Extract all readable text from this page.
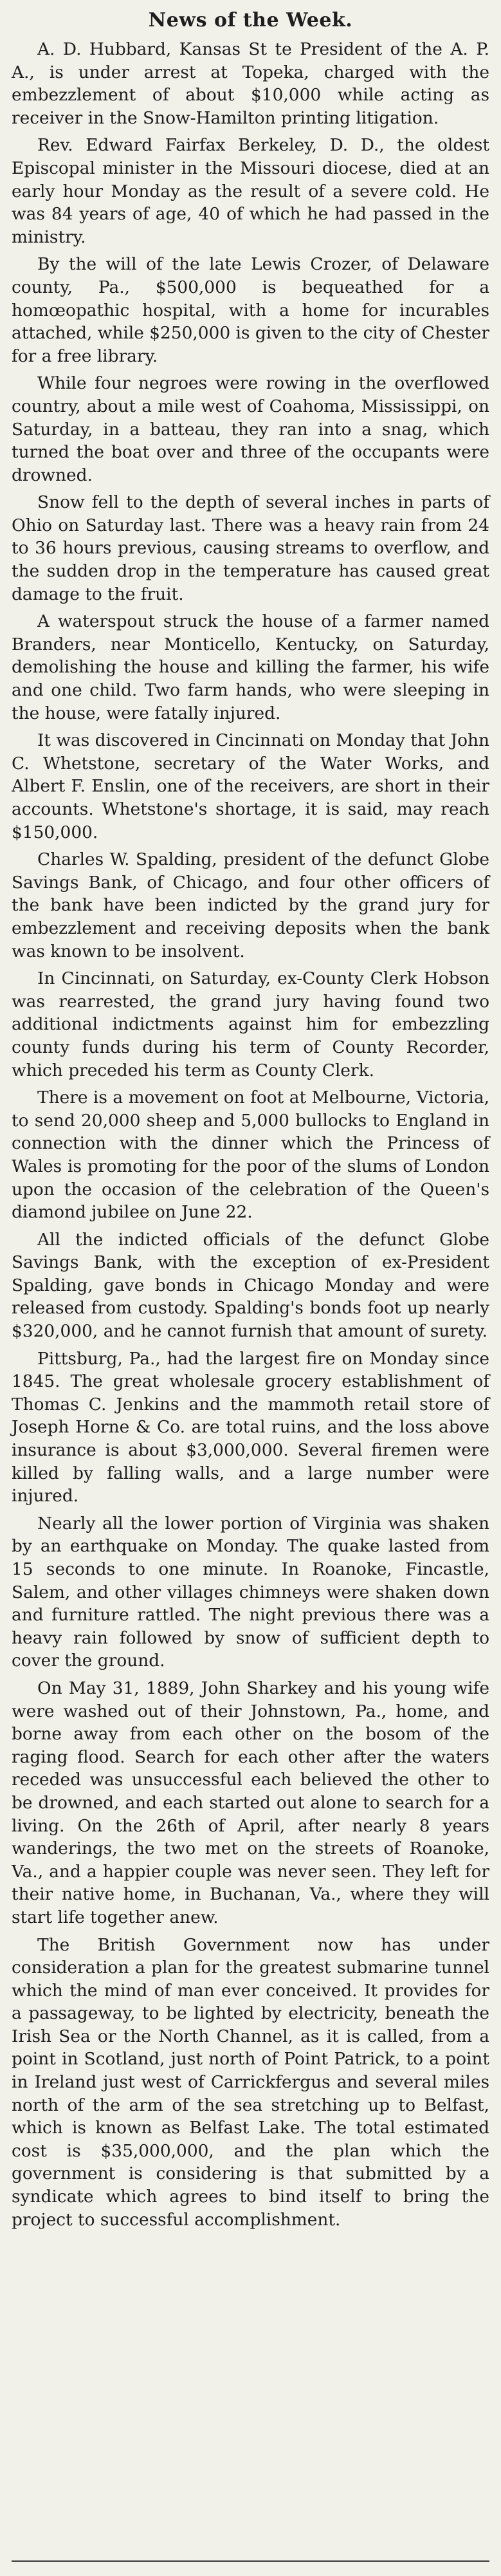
News of the Week.

A. D. Hubbard, Kansas St te President of the A. P. A., is under arrest at Topeka, charged with the embezzlement of about $10,000 while acting as receiver in the Snow-Hamilton printing litigation.

Rev. Edward Fairfax Berkeley, D. D., the oldest Episcopal minister in the Missouri diocese, died at an early hour Monday as the result of a severe cold. He was 84 years of age, 40 of which he had passed in the ministry.

By the will of the late Lewis Crozer, of Delaware county, Pa., $500,000 is bequeathed for a homœopathic hospital, with a home for incurables attached, while $250,000 is given to the city of Chester for a free library.

While four negroes were rowing in the overflowed country, about a mile west of Coahoma, Mississippi, on Saturday, in a batteau, they ran into a snag, which turned the boat over and three of the occupants were drowned.

Snow fell to the depth of several inches in parts of Ohio on Saturday last. There was a heavy rain from 24 to 36 hours previous, causing streams to overflow, and the sudden drop in the temperature has caused great damage to the fruit.

A waterspout struck the house of a farmer named Branders, near Monticello, Kentucky, on Saturday, demolishing the house and killing the farmer, his wife and one child. Two farm hands, who were sleeping in the house, were fatally injured.

It was discovered in Cincinnati on Monday that John C. Whetstone, secretary of the Water Works, and Albert F. Enslin, one of the receivers, are short in their accounts. Whetstone's shortage, it is said, may reach $150,000.

Charles W. Spalding, president of the defunct Globe Savings Bank, of Chicago, and four other officers of the bank have been indicted by the grand jury for embezzlement and receiving deposits when the bank was known to be insolvent.

In Cincinnati, on Saturday, ex-County Clerk Hobson was rearrested, the grand jury having found two additional indictments against him for embezzling county funds during his term of County Recorder, which preceded his term as County Clerk.

There is a movement on foot at Melbourne, Victoria, to send 20,000 sheep and 5,000 bullocks to England in connection with the dinner which the Princess of Wales is promoting for the poor of the slums of London upon the occasion of the celebration of the Queen's diamond jubilee on June 22.

All the indicted officials of the defunct Globe Savings Bank, with the exception of ex-President Spalding, gave bonds in Chicago Monday and were released from custody. Spalding's bonds foot up nearly $320,000, and he cannot furnish that amount of surety.

Pittsburg, Pa., had the largest fire on Monday since 1845. The great wholesale grocery establishment of Thomas C. Jenkins and the mammoth retail store of Joseph Horne & Co. are total ruins, and the loss above insurance is about $3,000,000. Several firemen were killed by falling walls, and a large number were injured.

Nearly all the lower portion of Virginia was shaken by an earthquake on Monday. The quake lasted from 15 seconds to one minute. In Roanoke, Fincastle, Salem, and other villages chimneys were shaken down and furniture rattled. The night previous there was a heavy rain followed by snow of sufficient depth to cover the ground.

On May 31, 1889, John Sharkey and his young wife were washed out of their Johnstown, Pa., home, and borne away from each other on the bosom of the raging flood. Search for each other after the waters receded was unsuccessful each believed the other to be drowned, and each started out alone to search for a living. On the 26th of April, after nearly 8 years wanderings, the two met on the streets of Roanoke, Va., and a happier couple was never seen. They left for their native home, in Buchanan, Va., where they will start life together anew.

The British Government now has under consideration a plan for the greatest submarine tunnel which the mind of man ever conceived. It provides for a passageway, to be lighted by electricity, beneath the Irish Sea or the North Channel, as it is called, from a point in Scotland, just north of Point Patrick, to a point in Ireland just west of Carrickfergus and several miles north of the arm of the sea stretching up to Belfast, which is known as Belfast Lake. The total estimated cost is $35,000,000, and the plan which the government is considering is that submitted by a syndicate which agrees to bind itself to bring the project to successful accomplishment.
